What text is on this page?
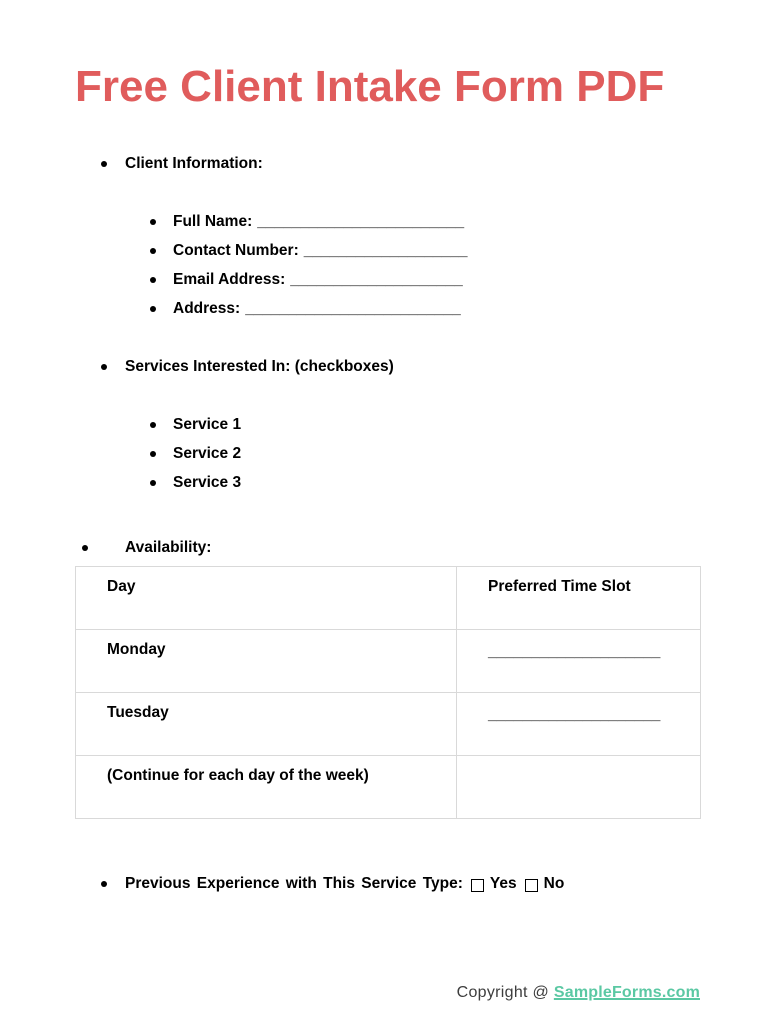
Free Client Intake Form PDF
Client Information:
Full Name: ________________________
Contact Number: ___________________
Email Address: ____________________
Address: _________________________
Services Interested In: (checkboxes)
Service 1
Service 2
Service 3
Availability:
Day	Preferred Time Slot
Monday	____________________
Tuesday	____________________
(Continue for each day of the week)	
Previous Experience with This Service Type: Yes No
Copyright @ SampleForms.com
